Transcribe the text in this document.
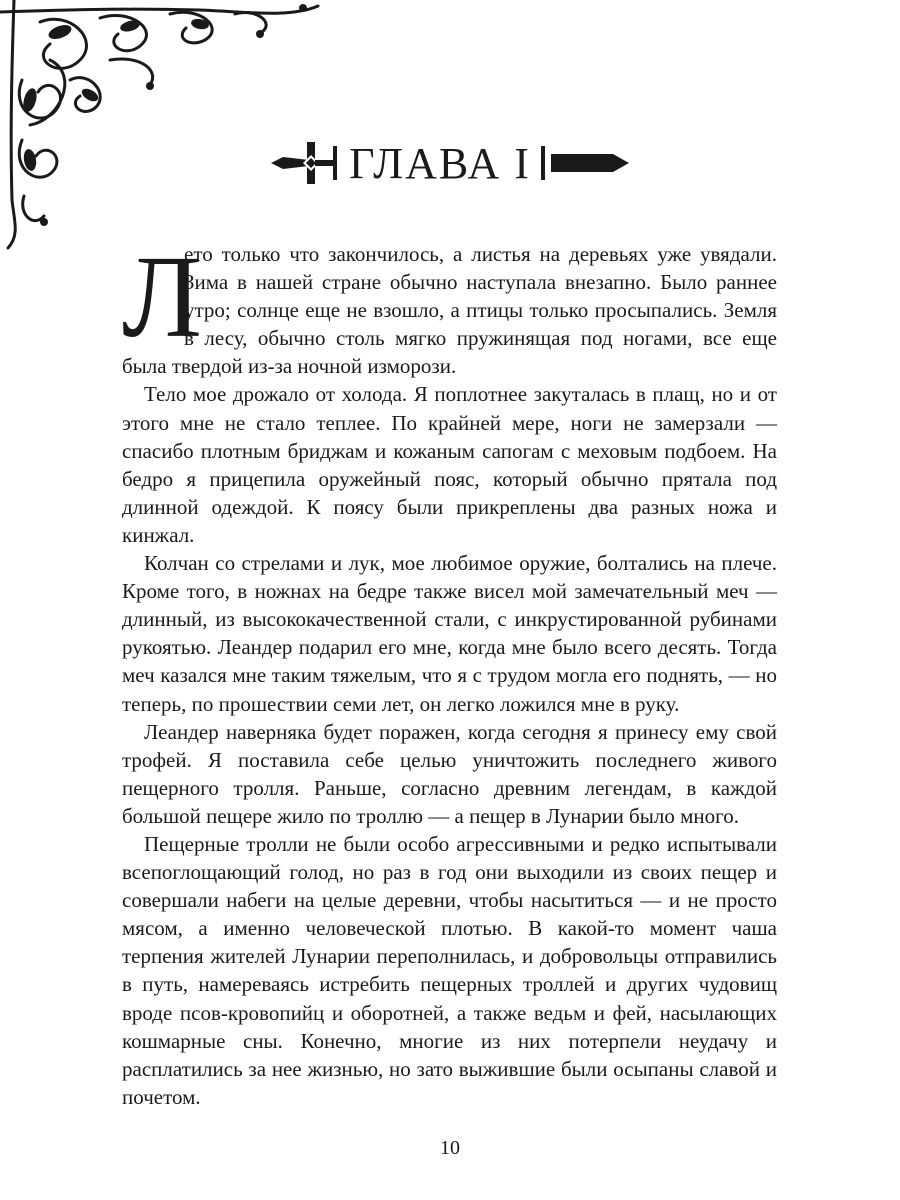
ГЛАВА I
Л

ето только что закончилось, а листья на деревьях уже увядали. Зима в нашей стране обычно наступала внезапно. Было раннее утро; солнце еще не взошло, а птицы только просыпались. Земля в лесу, обычно столь мягко пружинящая под ногами, все еще была твердой из-за ночной изморози.

Тело мое дрожало от холода. Я поплотнее закуталась в плащ, но и от этого мне не стало теплее. По крайней мере, ноги не замерзали — спасибо плотным бриджам и кожаным сапогам с меховым подбоем. На бедро я прицепила оружейный пояс, который обычно прятала под длинной одеждой. К поясу были прикреплены два разных ножа и кинжал.

Колчан со стрелами и лук, мое любимое оружие, болтались на плече. Кроме того, в ножнах на бедре также висел мой замечательный меч — длинный, из высококачественной стали, с инкрустированной рубинами рукоятью. Леандер подарил его мне, когда мне было всего десять. Тогда меч казался мне таким тяжелым, что я с трудом могла его поднять, — но теперь, по прошествии семи лет, он легко ложился мне в руку.

Леандер наверняка будет поражен, когда сегодня я принесу ему свой трофей. Я поставила себе целью уничтожить последнего живого пещерного тролля. Раньше, согласно древним легендам, в каждой большой пещере жило по троллю — а пещер в Лунарии было много.

Пещерные тролли не были особо агрессивными и редко испытывали всепоглощающий голод, но раз в год они выходили из своих пещер и совершали набеги на целые деревни, чтобы насытиться — и не просто мясом, а именно человеческой плотью. В какой-то момент чаша терпения жителей Лунарии переполнилась, и добровольцы отправились в путь, намереваясь истребить пещерных троллей и других чудовищ вроде псов-кровопийц и оборотней, а также ведьм и фей, насылающих кошмарные сны. Конечно, многие из них потерпели неудачу и расплатились за нее жизнью, но зато выжившие были осыпаны славой и почетом.

10
